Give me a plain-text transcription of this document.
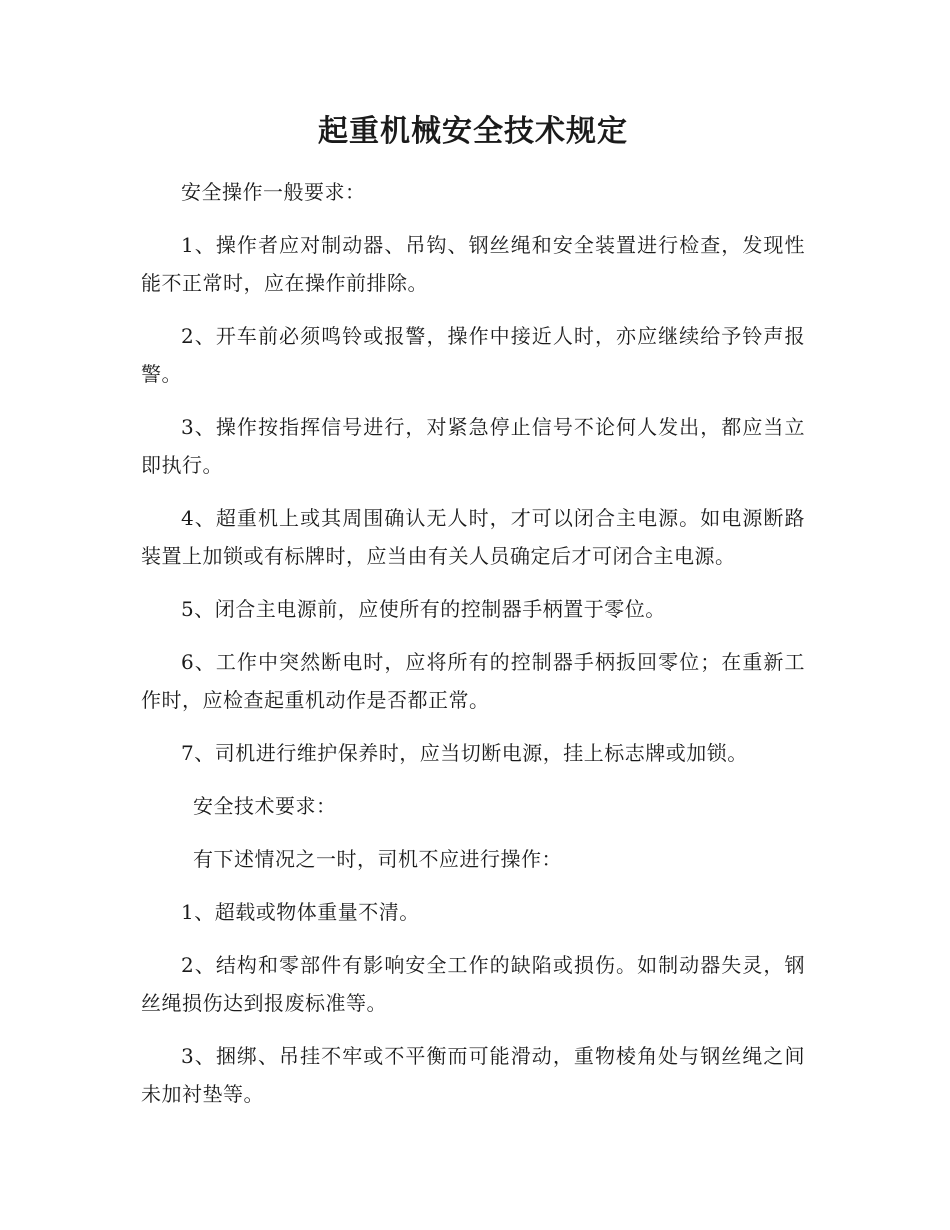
起重机械安全技术规定

安全操作一般要求：

1、操作者应对制动器、吊钩、钢丝绳和安全装置进行检查，发现性能不正常时，应在操作前排除。

2、开车前必须鸣铃或报警，操作中接近人时，亦应继续给予铃声报警。

3、操作按指挥信号进行，对紧急停止信号不论何人发出，都应当立即执行。

4、超重机上或其周围确认无人时，才可以闭合主电源。如电源断路装置上加锁或有标牌时，应当由有关人员确定后才可闭合主电源。

5、闭合主电源前，应使所有的控制器手柄置于零位。

6、工作中突然断电时，应将所有的控制器手柄扳回零位；在重新工作时，应检查起重机动作是否都正常。

7、司机进行维护保养时，应当切断电源，挂上标志牌或加锁。

安全技术要求：

有下述情况之一时，司机不应进行操作：

1、超载或物体重量不清。

2、结构和零部件有影响安全工作的缺陷或损伤。如制动器失灵，钢丝绳损伤达到报废标准等。

3、捆绑、吊挂不牢或不平衡而可能滑动，重物棱角处与钢丝绳之间未加衬垫等。
